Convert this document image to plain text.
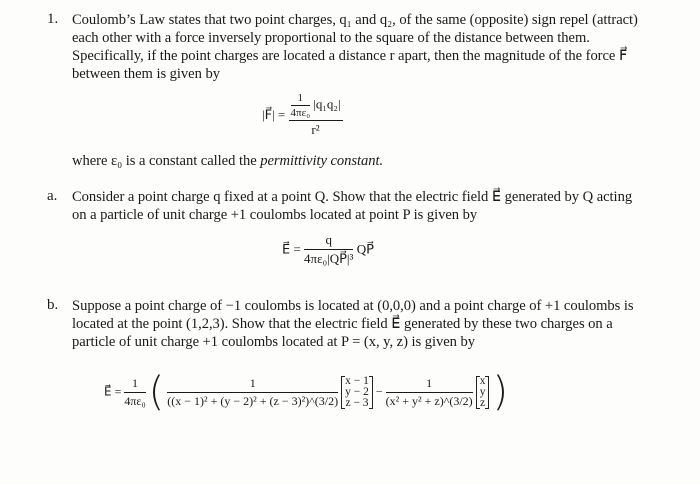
1. Coulomb’s Law states that two point charges, q₁ and q₂, of the same (opposite) sign repel (attract)
each other with a force inversely proportional to the square of the distance between them.
Specifically, if the point charges are located a distance r apart, then the magnitude of the force F⃗
between them is given by
|F⃗| = $\frac{\frac{1}{\text{4πε₀}} |q_1q_2|}{\text{r²}}$
where ε₀ is a constant called the permittivity constant.
a. Consider a point charge q fixed at a point Q. Show that the electric field E⃗ generated by Q acting
on a particle of unit charge +1 coulombs located at point P is given by
E⃗ = $\frac{q}{\text{4πε₀|QP⃗|³}}$ QP⃗
b. Suppose a point charge of −1 coulombs is located at (0,0,0) and a point charge of +1 coulombs is
located at the point (1,2,3). Show that the electric field E⃗ generated by these two charges on a
particle of unit charge +1 coulombs located at P = (x, y, z) is given by
E⃗ = $\frac{1}{\text{4πε₀}}$ ( $\frac{1}{\text{((x − 1)² + (y − 2)² + (z − 3)²)\textasciicircum{}(3/2)}}$
x − 1
y − 2
z − 3
− $\frac{1}{\text{(x² + y² + z)\textasciicircum{}(3/2)}}$
x
y
z )
